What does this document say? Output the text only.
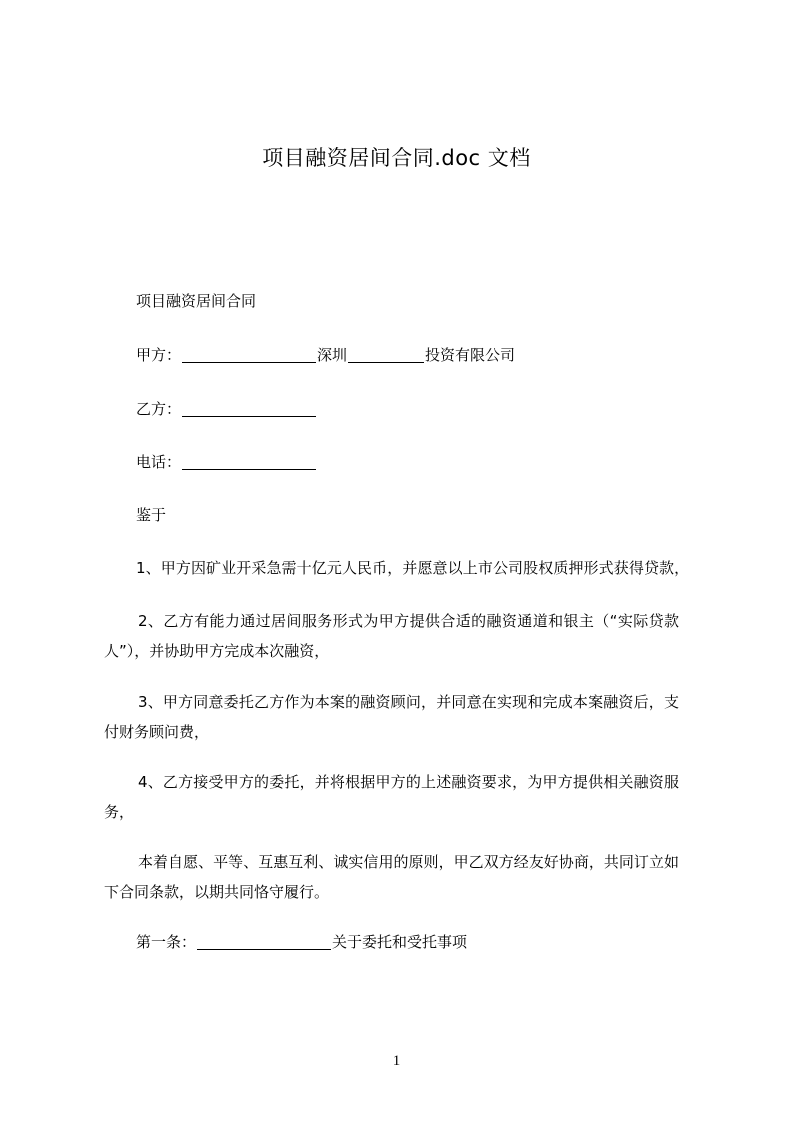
项目融资居间合同.doc 文档
项目融资居间合同
甲方：	深圳	投资有限公司
乙方：
电话：
鉴于
1、甲方因矿业开采急需十亿元人民币，并愿意以上市公司股权质押形式获得贷款，
2、乙方有能力通过居间服务形式为甲方提供合适的融资通道和银主（“实际贷款人”），并协助甲方完成本次融资，
3、甲方同意委托乙方作为本案的融资顾问，并同意在实现和完成本案融资后，支付财务顾问费，
4、乙方接受甲方的委托，并将根据甲方的上述融资要求，为甲方提供相关融资服务，
本着自愿、平等、互惠互利、诚实信用的原则，甲乙双方经友好协商，共同订立如下合同条款，以期共同恪守履行。
第一条：	关于委托和受托事项
1
